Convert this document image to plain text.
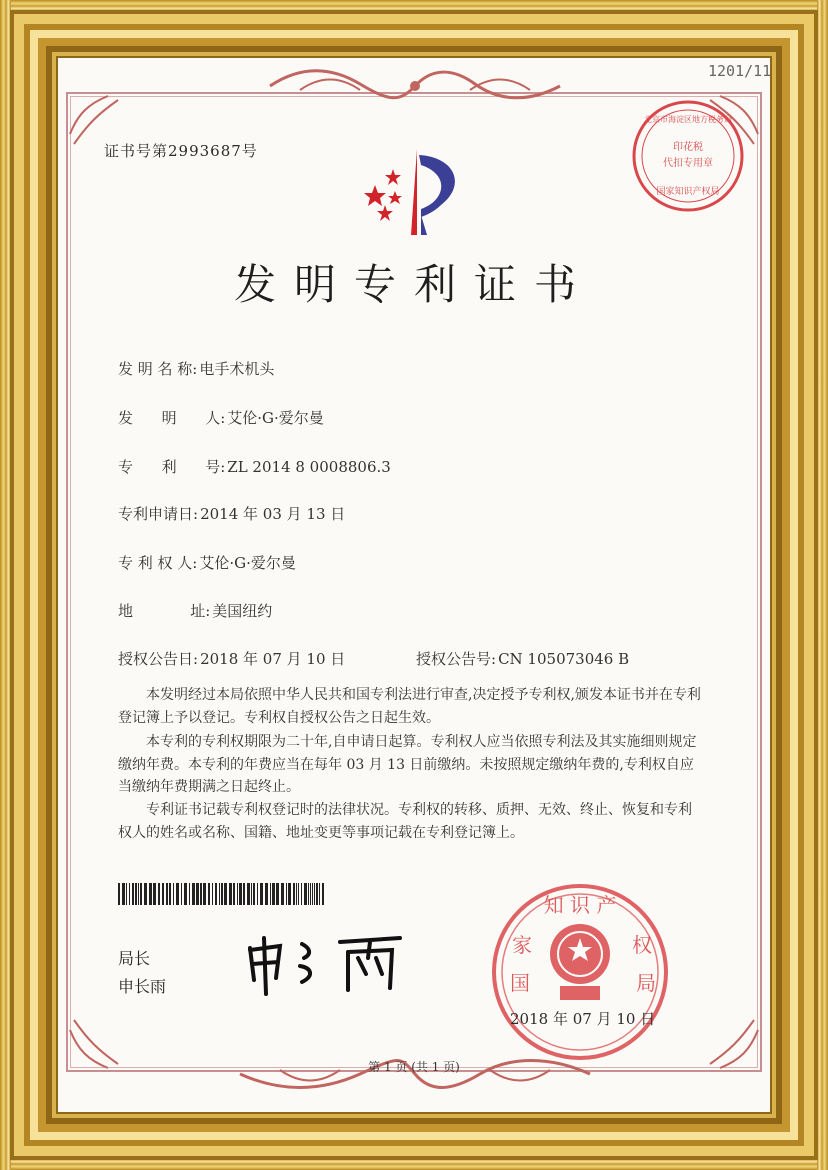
1201/11
证书号第2993687号
发明专利证书
发 明 名 称: 电手术机头
发      明      人: 艾伦·G·爱尔曼
专      利      号: ZL 2014 8 0008806.3
专利申请日: 2014 年 03 月 13 日
专 利 权 人: 艾伦·G·爱尔曼
地            址: 美国纽约
授权公告日: 2018 年 07 月 10 日	授权公告号: CN 105073046 B
本发明经过本局依照中华人民共和国专利法进行审查,决定授予专利权,颁发本证书并在专利登记簿上予以登记。专利权自授权公告之日起生效。
本专利的专利权期限为二十年,自申请日起算。专利权人应当依照专利法及其实施细则规定缴纳年费。本专利的年费应当在每年 03 月 13 日前缴纳。未按照规定缴纳年费的,专利权自应当缴纳年费期满之日起终止。
专利证书记载专利权登记时的法律状况。专利权的转移、质押、无效、终止、恢复和专利权人的姓名或名称、国籍、地址变更等事项记载在专利登记簿上。
局长
申长雨
印花税
代扣专用章
国家知识产权局
北京市海淀区地方税务局
知 识 产
家	权
国	局
2018 年 07 月 10 日
第 1 页 (共 1 页)
